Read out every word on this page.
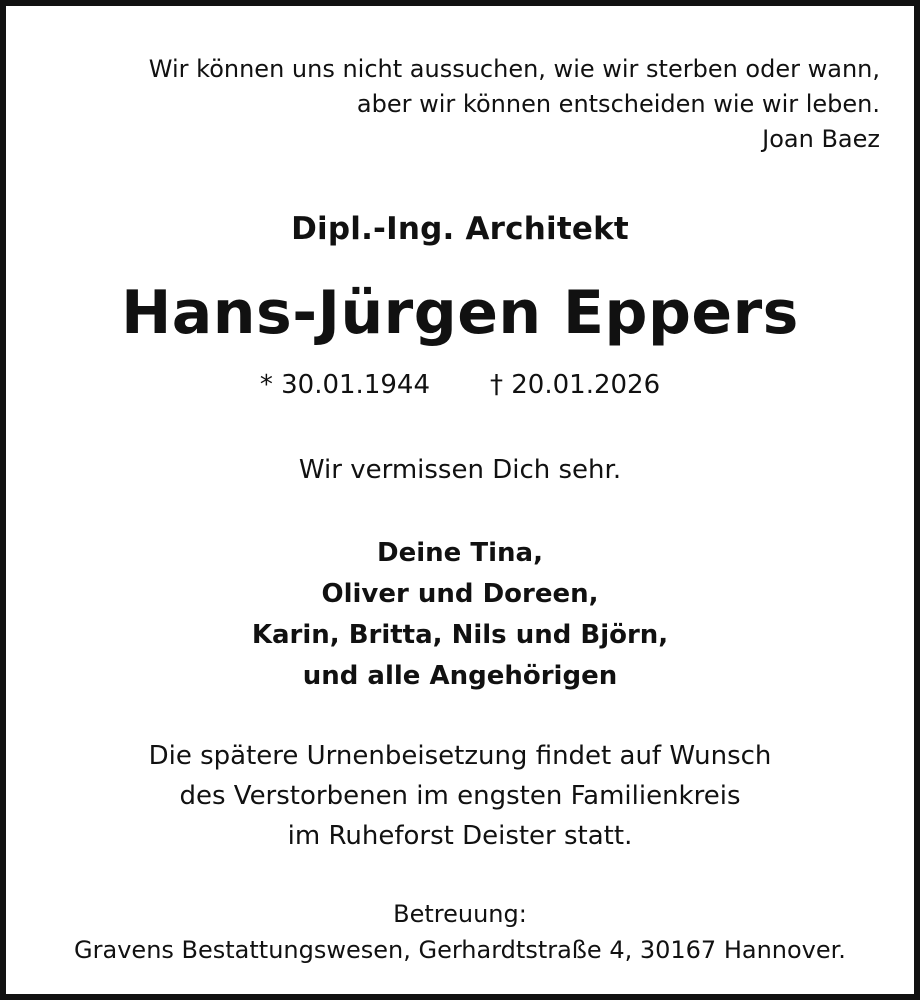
Wir können uns nicht aussuchen, wie wir sterben oder wann,
aber wir können entscheiden wie wir leben.
Joan Baez
Dipl.-Ing. Architekt
Hans-Jürgen Eppers
* 30.01.1944 † 20.01.2026
Wir vermissen Dich sehr.
Deine Tina,
Oliver und Doreen,
Karin, Britta, Nils und Björn,
und alle Angehörigen
Die spätere Urnenbeisetzung findet auf Wunsch
des Verstorbenen im engsten Familienkreis
im Ruheforst Deister statt.
Betreuung:
Gravens Bestattungswesen, Gerhardtstraße 4, 30167 Hannover.
